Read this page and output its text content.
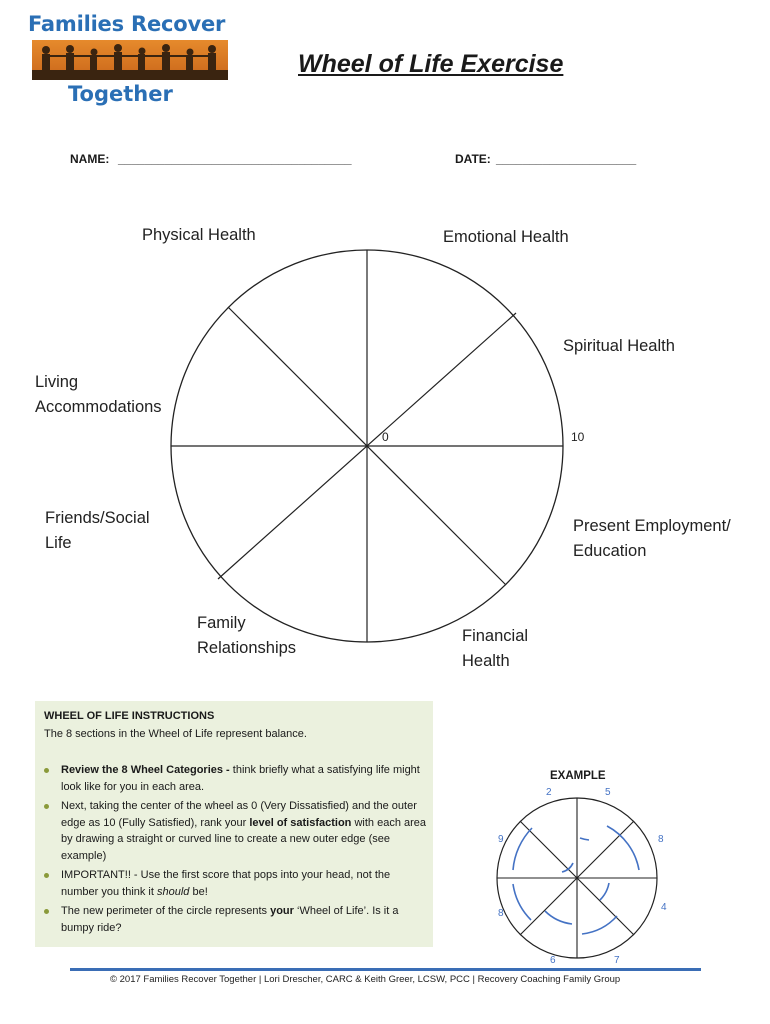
Families Recover
Together
Wheel of Life Exercise
NAME: ___________________________________	DATE: _____________________
0	10
Physical Health	Emotional Health
Spiritual Health
Living
Accommodations
Friends/Social
Life
Present Employment/
Education
Family
Relationships
Financial
Health
WHEEL OF LIFE INSTRUCTIONS
The 8 sections in the Wheel of Life represent balance.
Review the 8 Wheel Categories - think briefly what a satisfying life might look like for you in each area.
Next, taking the center of the wheel as 0 (Very Dissatisfied) and the outer edge as 10 (Fully Satisfied), rank your level of satisfaction with each area by drawing a straight or curved line to create a new outer edge (see example)
IMPORTANT!! - Use the first score that pops into your head, not the number you think it should be!
The new perimeter of the circle represents your ‘Wheel of Life’. Is it a bumpy ride?
EXAMPLE
2	5
8
4
7
6
8
9
© 2017 Families Recover Together | Lori Drescher, CARC & Keith Greer, LCSW, PCC | Recovery Coaching Family Group
